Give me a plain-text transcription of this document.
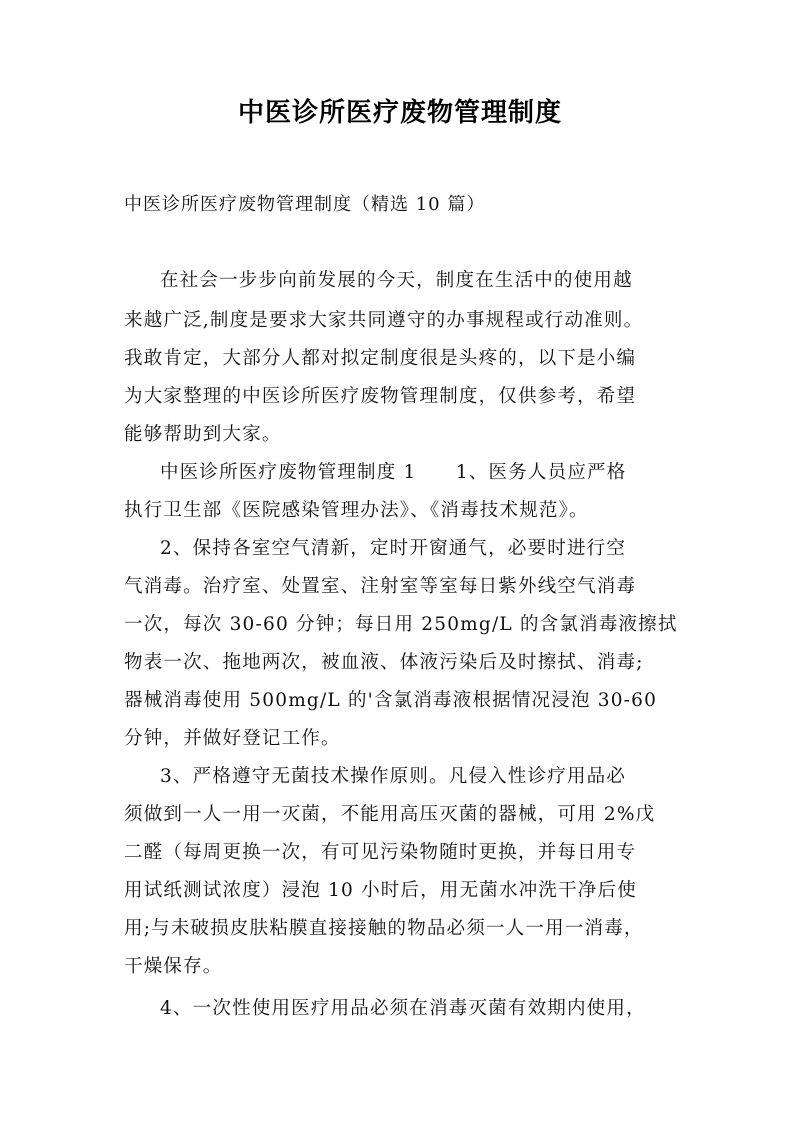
中医诊所医疗废物管理制度
中医诊所医疗废物管理制度（精选 10 篇）
在社会一步步向前发展的今天，制度在生活中的使用越
来越广泛,制度是要求大家共同遵守的办事规程或行动准则。
我敢肯定，大部分人都对拟定制度很是头疼的，以下是小编
为大家整理的中医诊所医疗废物管理制度，仅供参考，希望
能够帮助到大家。
中医诊所医疗废物管理制度 1　　1、医务人员应严格
执行卫生部《医院感染管理办法》、《消毒技术规范》。
2、保持各室空气清新，定时开窗通气，必要时进行空
气消毒。治疗室、处置室、注射室等室每日紫外线空气消毒
一次，每次 30-60 分钟；每日用 250mg/L 的含氯消毒液擦拭
物表一次、拖地两次，被血液、体液污染后及时擦拭、消毒;
器械消毒使用 500mg/L 的'含氯消毒液根据情况浸泡 30-60
分钟，并做好登记工作。
3、严格遵守无菌技术操作原则。凡侵入性诊疗用品必
须做到一人一用一灭菌，不能用高压灭菌的器械，可用 2%戊
二醛（每周更换一次，有可见污染物随时更换，并每日用专
用试纸测试浓度）浸泡 10 小时后，用无菌水冲洗干净后使
用;与未破损皮肤粘膜直接接触的物品必须一人一用一消毒，
干燥保存。
4、一次性使用医疗用品必须在消毒灭菌有效期内使用，
